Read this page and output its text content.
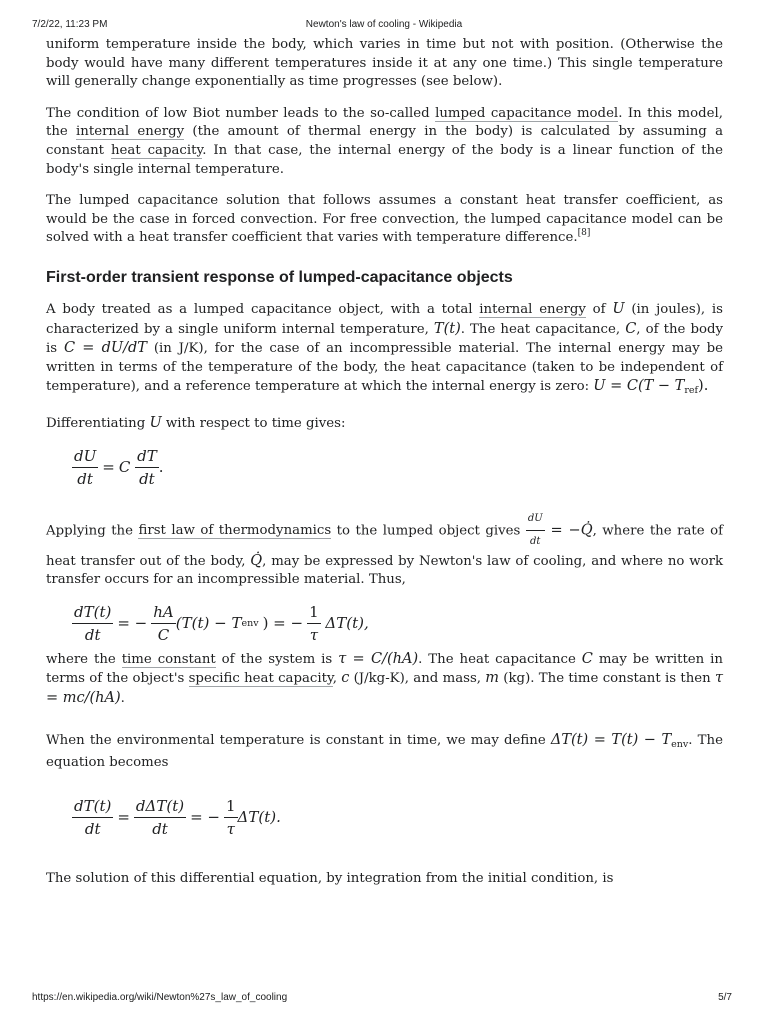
7/2/22, 11:23 PM	Newton's law of cooling - Wikipedia

uniform temperature inside the body, which varies in time but not with position. (Otherwise the body would have many different temperatures inside it at any one time.) This single temperature will generally change exponentially as time progresses (see below).

The condition of low Biot number leads to the so-called lumped capacitance model. In this model, the internal energy (the amount of thermal energy in the body) is calculated by assuming a constant heat capacity. In that case, the internal energy of the body is a linear function of the body's single internal temperature.

The lumped capacitance solution that follows assumes a constant heat transfer coefficient, as would be the case in forced convection. For free convection, the lumped capacitance model can be solved with a heat transfer coefficient that varies with temperature difference.[8]

First-order transient response of lumped-capacitance objects

A body treated as a lumped capacitance object, with a total internal energy of U (in joules), is characterized by a single uniform internal temperature, T(t). The heat capacitance, C, of the body is C = dU/dT (in J/K), for the case of an incompressible material. The internal energy may be written in terms of the temperature of the body, the heat capacitance (taken to be independent of temperature), and a reference temperature at which the internal energy is zero: $U = C(T - T_{ref})$.

Differentiating U with respect to time gives:

$\frac{dU}{dt} = C$
$\frac{dT}{dt}$ .

Applying the first law of thermodynamics to the lumped object gives $\frac{dU}{dt}$ = −Q̇, where the rate of heat transfer out of the body, Q̇, may be expressed by Newton's law of cooling, and where no work transfer occurs for an incompressible material. Thus,

$\frac{dT(t)}{dt}$ = − $\frac{hA}{C} (T(t) - T$ env ) = − $\frac{1}{\tau}$
ΔT(t),

where the time constant of the system is τ = C/(hA). The heat capacitance C may be written in terms of the object's specific heat capacity, c (J/kg-K), and mass, m (kg). The time constant is then τ = mc/(hA).

When the environmental temperature is constant in time, we may define $\Delta T(t) = T(t) - T_{env}$. The equation becomes

$\frac{dT(t)}{dt} = \frac{\text{dΔT(t)}}{dt}$ = − $\frac{1}{\tau} \Delta T(t)$.

The solution of this differential equation, by integration from the initial condition, is

https://en.wikipedia.org/wiki/Newton%27s_law_of_cooling	5/7
